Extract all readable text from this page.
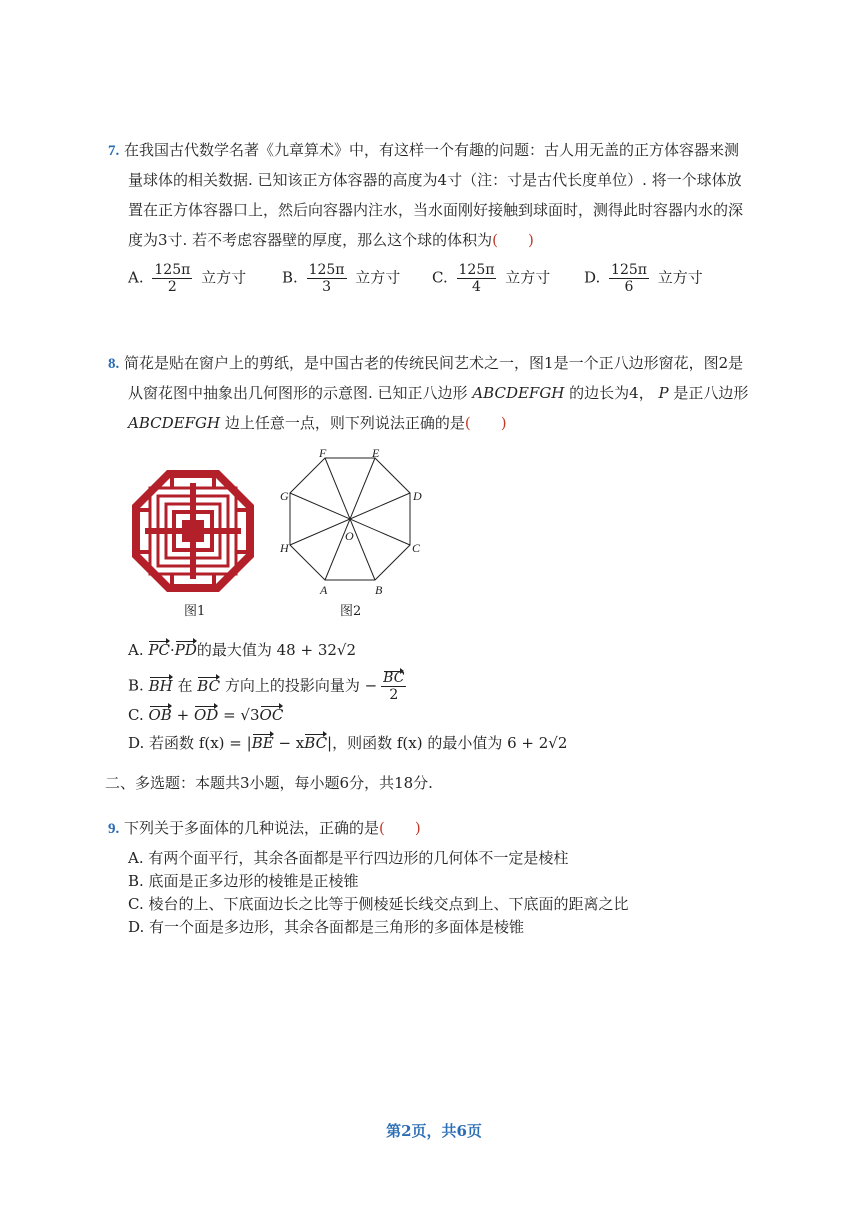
7. 在我国古代数学名著《九章算术》中，有这样一个有趣的问题：古人用无盖的正方体容器来测
量球体的相关数据. 已知该正方体容器的高度为4寸（注：寸是古代长度单位）. 将一个球体放
置在正方体容器口上，然后向容器内注水，当水面刚好接触到球面时，测得此时容器内水的深
度为3寸. 若不考虑容器壁的厚度，那么这个球的体积为(　　)
A. $\frac{125\pi}{2}$ 立方寸 B. $\frac{125\pi}{3}$ 立方寸 C. $\frac{125\pi}{4}$ 立方寸 D. $\frac{125\pi}{6}$ 立方寸
8. 简花是贴在窗户上的剪纸，是中国古老的传统民间艺术之一，图1是一个正八边形窗花，图2是
从窗花图中抽象出几何图形的示意图. 已知正八边形 ABCDEFGH 的边长为4， P 是正八边形
ABCDEFGH 边上任意一点，则下列说法正确的是(　　)
图1
F	E
D
G
H	C
A	B
O
图2
A. PC·PD的最大值为 48 + 32√2
B. BH 在 BC 方向上的投影向量为 − $\frac{BC}{2}$
C. OB + OD = √3OC
D. 若函数 f(x) = |BE − xBC|，则函数 f(x) 的最小值为 6 + 2√2
二、多选题：本题共3小题，每小题6分，共18分.
9. 下列关于多面体的几种说法，正确的是(　　)
A. 有两个面平行，其余各面都是平行四边形的几何体不一定是棱柱
B. 底面是正多边形的棱锥是正棱锥
C. 棱台的上、下底面边长之比等于侧棱延长线交点到上、下底面的距离之比
D. 有一个面是多边形，其余各面都是三角形的多面体是棱锥
第2页，共6页
